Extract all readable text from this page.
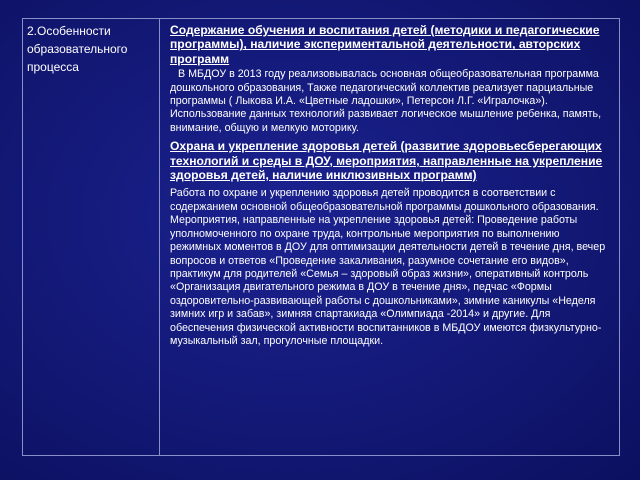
2.Особенности
образовательного
процесса

Содержание обучения и воспитания детей (методики и педагогические программы), наличие экспериментальной деятельности, авторских программ

В МБДОУ в 2013 году реализовывалась основная общеобразовательная программа дошкольного образования, Также педагогический коллектив реализует парциальные программы ( Лыкова И.А. «Цветные ладошки», Петерсон Л.Г. «Игралочка»). Использование данных технологий развивает логическое мышление ребенка, память, внимание, общую и мелкую моторику.

Охрана и укрепление здоровья детей (развитие здоровьесберегающих технологий и среды в ДОУ, мероприятия, направленные на укрепление здоровья детей, наличие инклюзивных программ)

Работа по охране и укреплению здоровья детей проводится в соответствии с содержанием основной общеобразовательной программы дошкольного образования. Мероприятия, направленные на укрепление здоровья детей: Проведение работы уполномоченного по охране труда, контрольные мероприятия по выполнению режимных моментов в ДОУ для оптимизации деятельности детей в течение дня, вечер вопросов и ответов «Проведение закаливания, разумное сочетание его видов», практикум для родителей «Семья – здоровый образ жизни», оперативный контроль «Организация двигательного режима в ДОУ в течение дня», педчас «Формы оздоровительно-развивающей работы с дошкольниками», зимние каникулы «Неделя зимних игр и забав», зимняя спартакиада «Олимпиада -2014» и другие. Для обеспечения физической активности воспитанников в МБДОУ имеются физкультурно-музыкальный зал, прогулочные площадки.
